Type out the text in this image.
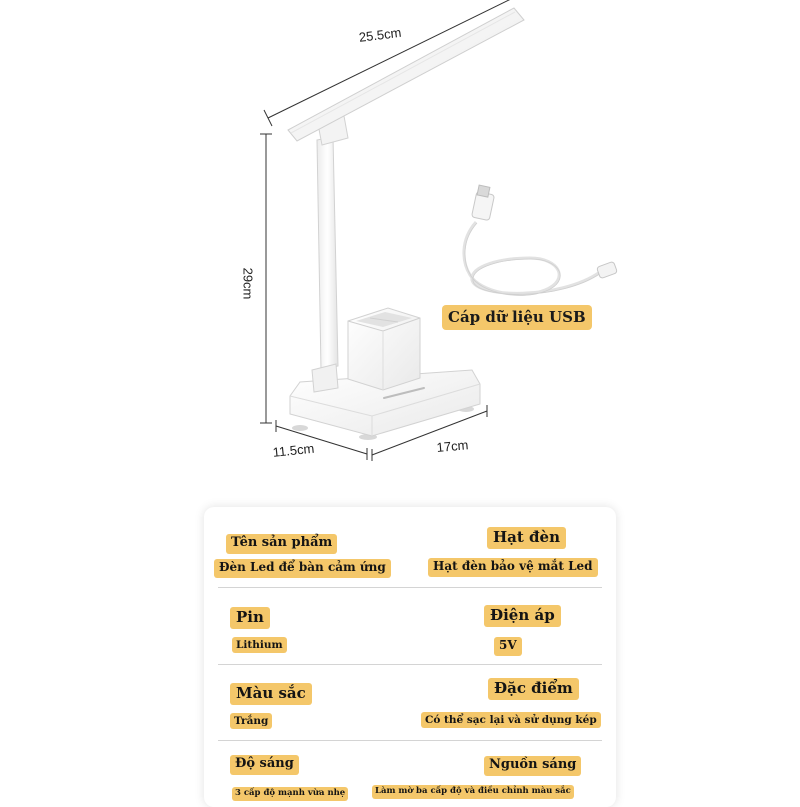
25.5cm
29cm
11.5cm	17cm
Cáp dữ liệu USB
Tên sản phẩm
Đèn Led để bàn cảm ứng
Hạt đèn
Hạt đèn bảo vệ mắt Led
Pin
Lithium
Điện áp
5V
Màu sắc
Trắng
Đặc điểm
Có thể sạc lại và sử dụng kép
Độ sáng
3 cấp độ mạnh vừa nhẹ
Nguồn sáng
Làm mờ ba cấp độ và điều chỉnh màu sắc
